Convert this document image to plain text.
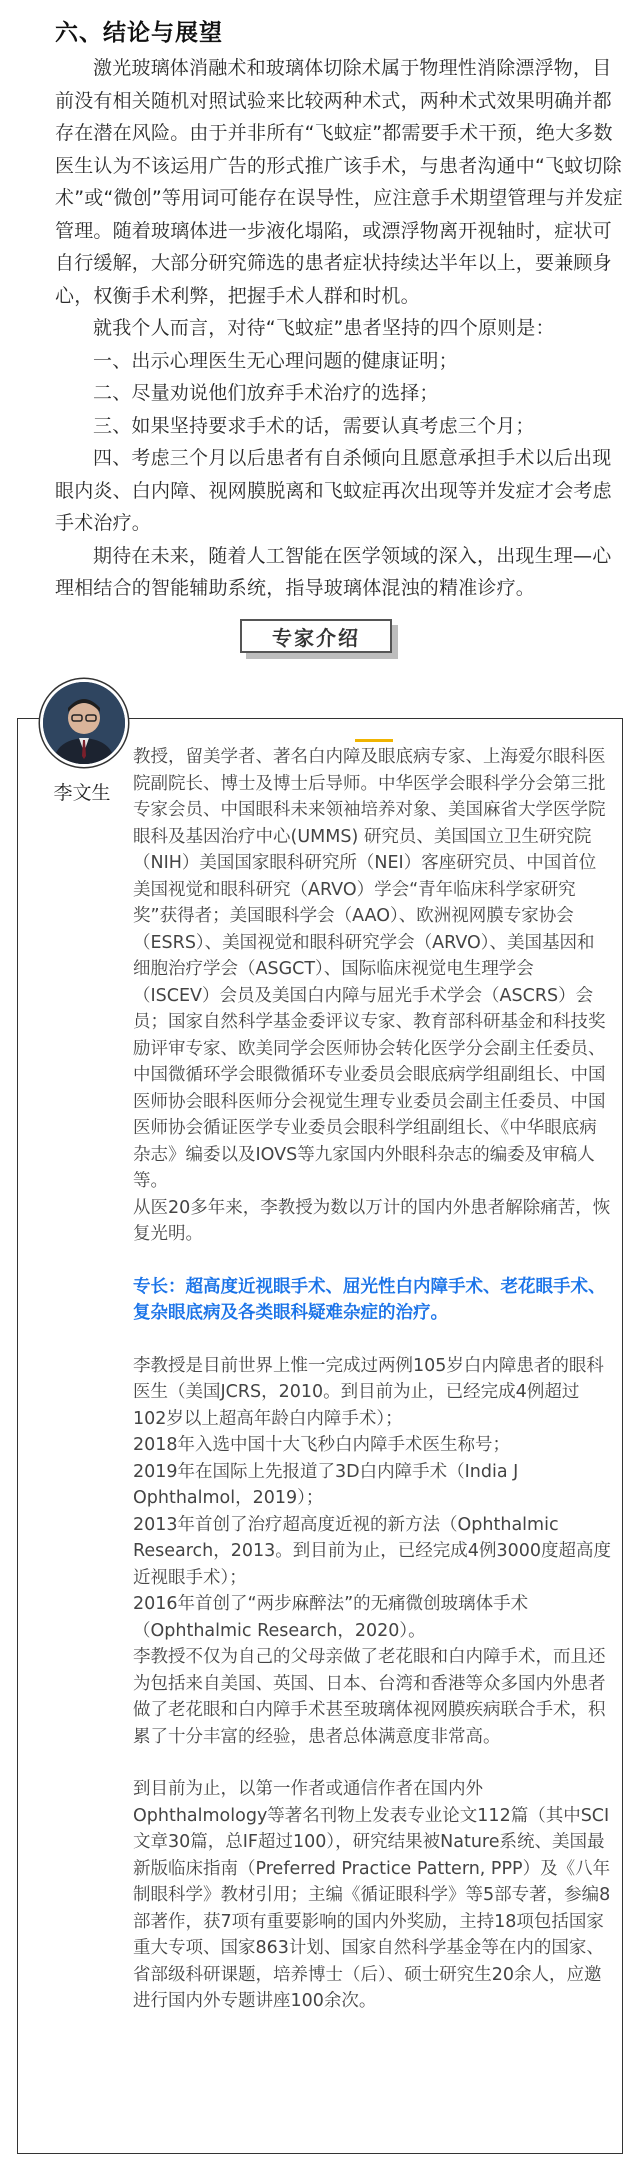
六、结论与展望

激光玻璃体消融术和玻璃体切除术属于物理性消除漂浮物，目前没有相关随机对照试验来比较两种术式，两种术式效果明确并都存在潜在风险。由于并非所有“飞蚊症”都需要手术干预，绝大多数医生认为不该运用广告的形式推广该手术，与患者沟通中“飞蚊切除术”或“微创”等用词可能存在误导性，应注意手术期望管理与并发症管理。随着玻璃体进一步液化塌陷，或漂浮物离开视轴时，症状可自行缓解，大部分研究筛选的患者症状持续达半年以上，要兼顾身心，权衡手术利弊，把握手术人群和时机。

就我个人而言，对待“飞蚊症”患者坚持的四个原则是：

一、出示心理医生无心理问题的健康证明；

二、尽量劝说他们放弃手术治疗的选择；

三、如果坚持要求手术的话，需要认真考虑三个月；

四、考虑三个月以后患者有自杀倾向且愿意承担手术以后出现眼内炎、白内障、视网膜脱离和飞蚊症再次出现等并发症才会考虑手术治疗。

期待在未来，随着人工智能在医学领域的深入，出现生理—心理相结合的智能辅助系统，指导玻璃体混浊的精准诊疗。

专家介绍
李文生

教授，留美学者、著名白内障及眼底病专家、上海爱尔眼科医院副院长、博士及博士后导师。中华医学会眼科学分会第三批专家会员、中国眼科未来领袖培养对象、美国麻省大学医学院眼科及基因治疗中心(UMMS) 研究员、美国国立卫生研究院（NIH）美国国家眼科研究所（NEI）客座研究员、中国首位美国视觉和眼科研究（ARVO）学会“青年临床科学家研究奖”获得者；美国眼科学会（AAO）、欧洲视网膜专家协会（ESRS）、美国视觉和眼科研究学会（ARVO）、美国基因和细胞治疗学会（ASGCT）、国际临床视觉电生理学会（ISCEV）会员及美国白内障与屈光手术学会（ASCRS）会员；国家自然科学基金委评议专家、教育部科研基金和科技奖励评审专家、欧美同学会医师协会转化医学分会副主任委员、中国微循环学会眼微循环专业委员会眼底病学组副组长、中国医师协会眼科医师分会视觉生理专业委员会副主任委员、中国医师协会循证医学专业委员会眼科学组副组长、《中华眼底病杂志》编委以及IOVS等九家国内外眼科杂志的编委及审稿人等。

从医20多年来，李教授为数以万计的国内外患者解除痛苦，恢复光明。

专长：超高度近视眼手术、屈光性白内障手术、老花眼手术、复杂眼底病及各类眼科疑难杂症的治疗。

李教授是目前世界上惟一完成过两例105岁白内障患者的眼科医生（美国JCRS，2010。到目前为止，已经完成4例超过102岁以上超高年龄白内障手术）；

2018年入选中国十大飞秒白内障手术医生称号；

2019年在国际上先报道了3D白内障手术（India J Ophthalmol，2019）；

2013年首创了治疗超高度近视的新方法（Ophthalmic Research，2013。到目前为止，已经完成4例3000度超高度近视眼手术）；

2016年首创了“两步麻醉法”的无痛微创玻璃体手术（Ophthalmic Research，2020）。

李教授不仅为自己的父母亲做了老花眼和白内障手术，而且还为包括来自美国、英国、日本、台湾和香港等众多国内外患者做了老花眼和白内障手术甚至玻璃体视网膜疾病联合手术，积累了十分丰富的经验，患者总体满意度非常高。

到目前为止，以第一作者或通信作者在国内外Ophthalmology等著名刊物上发表专业论文112篇（其中SCI文章30篇，总IF超过100），研究结果被Nature系统、美国最新版临床指南（Preferred Practice Pattern, PPP）及《八年制眼科学》教材引用；主编《循证眼科学》等5部专著，参编8部著作，获7项有重要影响的国内外奖励，主持18项包括国家重大专项、国家863计划、国家自然科学基金等在内的国家、省部级科研课题，培养博士（后）、硕士研究生20余人，应邀进行国内外专题讲座100余次。
